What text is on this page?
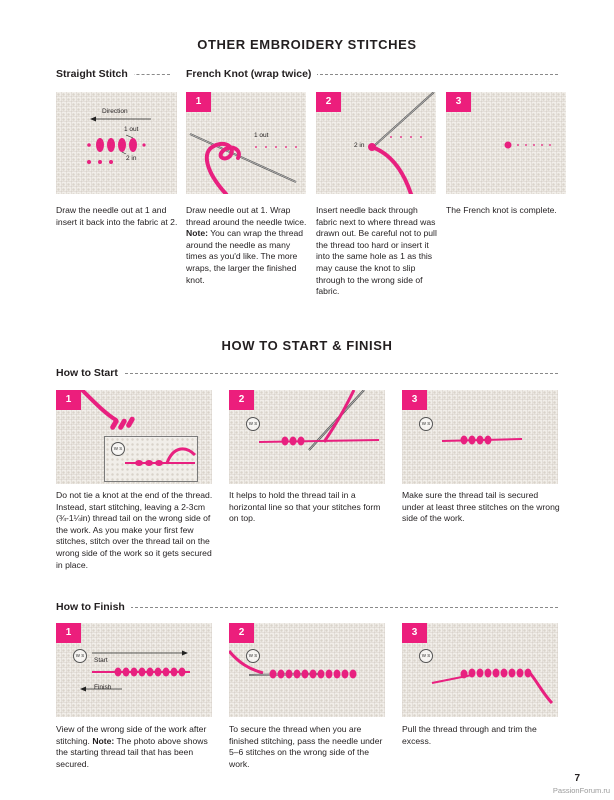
OTHER EMBROIDERY STITCHES
Straight Stitch
Direction
1 out
2 in
Draw the needle out at 1 and insert it back into the fabric at 2.
French Knot (wrap twice)
1
1 out
Draw needle out at 1. Wrap thread around the needle twice.
Note: You can wrap the thread around the needle as many times as you'd like. The more wraps, the larger the finished knot.
2
2 in
Insert needle back through fabric next to where thread was drawn out. Be careful not to pull the thread too hard or insert it into the same hole as 1 as this may cause the knot to slip through to the wrong side of fabric.
3
The French knot is complete.
HOW TO START & FINISH
How to Start
1
W S
Do not tie a knot at the end of the thread. Instead, start stitching, leaving a 2-3cm (¾-1¼in) thread tail on the wrong side of the work. As you make your first few stitches, stitch over the thread tail on the wrong side of the work so it gets secured in place.
2
W S
It helps to hold the thread tail in a horizontal line so that your stitches form on top.
3
W S
Make sure the thread tail is secured under at least three stitches on the wrong side of the work.
How to Finish
1
W S
Start
Finish
View of the wrong side of the work after stitching. Note: The photo above shows the starting thread tail that has been secured.
2
W S
To secure the thread when you are finished stitching, pass the needle under 5–6 stitches on the wrong side of the work.
3
W S
Pull the thread through and trim the excess.
7
PassionForum.ru
